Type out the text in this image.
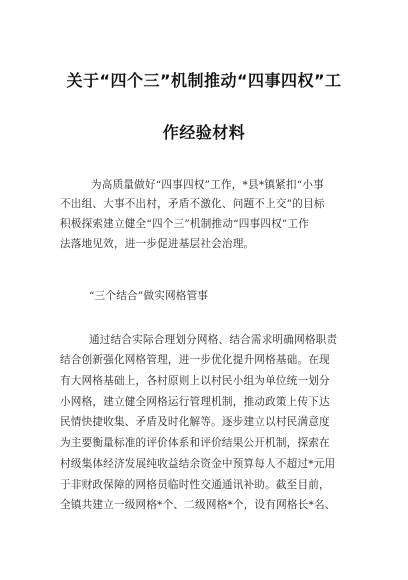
关于“四个三”机制推动“四事四权”工
作经验材料
为高质量做好“四事四权”工作，*县*镇紧扣“小事
不出组、大事不出村，矛盾不激化、问题不上交”的目标
积极探索建立健全“四个三”机制推动“四事四权”工作
法落地见效，进一步促进基层社会治理。
“三个结合”做实网格管事
通过结合实际合理划分网格、结合需求明确网格职责
结合创新强化网格管理，进一步优化提升网格基础。在现
有大网格基础上，各村原则上以村民小组为单位统一划分
小网格，建立健全网格运行管理机制，推动政策上传下达
民情快捷收集、矛盾及时化解等。逐步建立以村民满意度
为主要衡量标准的评价体系和评价结果公开机制，探索在
村级集体经济发展纯收益结余资金中预算每人不超过*元用
于非财政保障的网格员临时性交通通讯补助。截至目前，
全镇共建立一级网格*个、二级网格*个，设有网格长*名、
